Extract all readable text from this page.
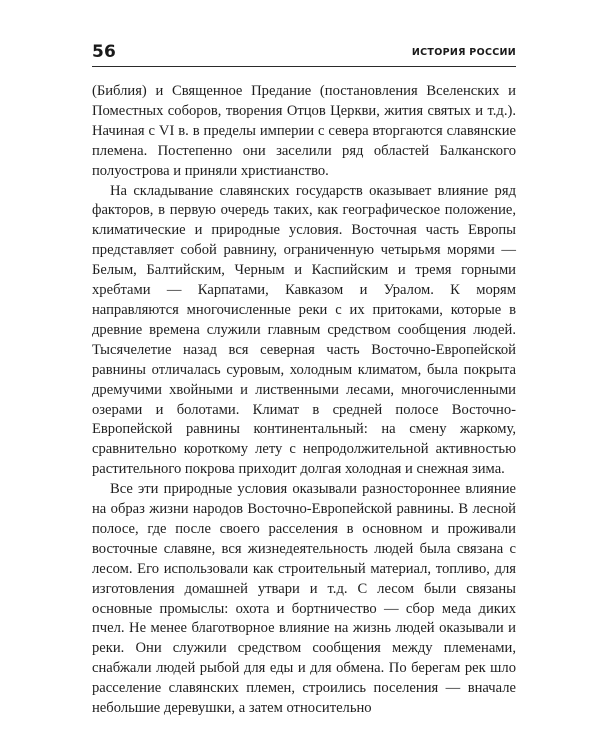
56	ИСТОРИЯ РОССИИ

(Библия) и Священное Предание (постановления Вселенских и Поместных соборов, творения Отцов Церкви, жития святых и т.д.). Начиная с VI в. в пределы империи с севера вторгаются славянские племена. Постепенно они заселили ряд областей Балканского полуострова и приняли христианство.

На складывание славянских государств оказывает влияние ряд факторов, в первую очередь таких, как географическое положение, климатические и природные условия. Восточная часть Европы представляет собой равнину, ограниченную четырьмя морями — Белым, Балтийским, Черным и Каспийским и тремя горными хребтами — Карпатами, Кавказом и Уралом. К морям направляются многочисленные реки с их притоками, которые в древние времена служили главным средством сообщения людей. Тысячелетие назад вся северная часть Восточно-Европейской равнины отличалась суровым, холодным климатом, была покрыта дремучими хвойными и лиственными лесами, многочисленными озерами и болотами. Климат в средней полосе Восточно-Европейской равнины континентальный: на смену жаркому, сравнительно короткому лету с непродолжительной активностью растительного покрова приходит долгая холодная и снежная зима.

Все эти природные условия оказывали разностороннее влияние на образ жизни народов Восточно-Европейской равнины. В лесной полосе, где после своего расселения в основном и проживали восточные славяне, вся жизнедеятельность людей была связана с лесом. Его использовали как строительный материал, топливо, для изготовления домашней утвари и т.д. С лесом были связаны основные промыслы: охота и бортничество — сбор меда диких пчел. Не менее благотворное влияние на жизнь людей оказывали и реки. Они служили средством сообщения между племенами, снабжали людей рыбой для еды и для обмена. По берегам рек шло расселение славянских племен, строились поселения — вначале небольшие деревушки, а затем относительно
